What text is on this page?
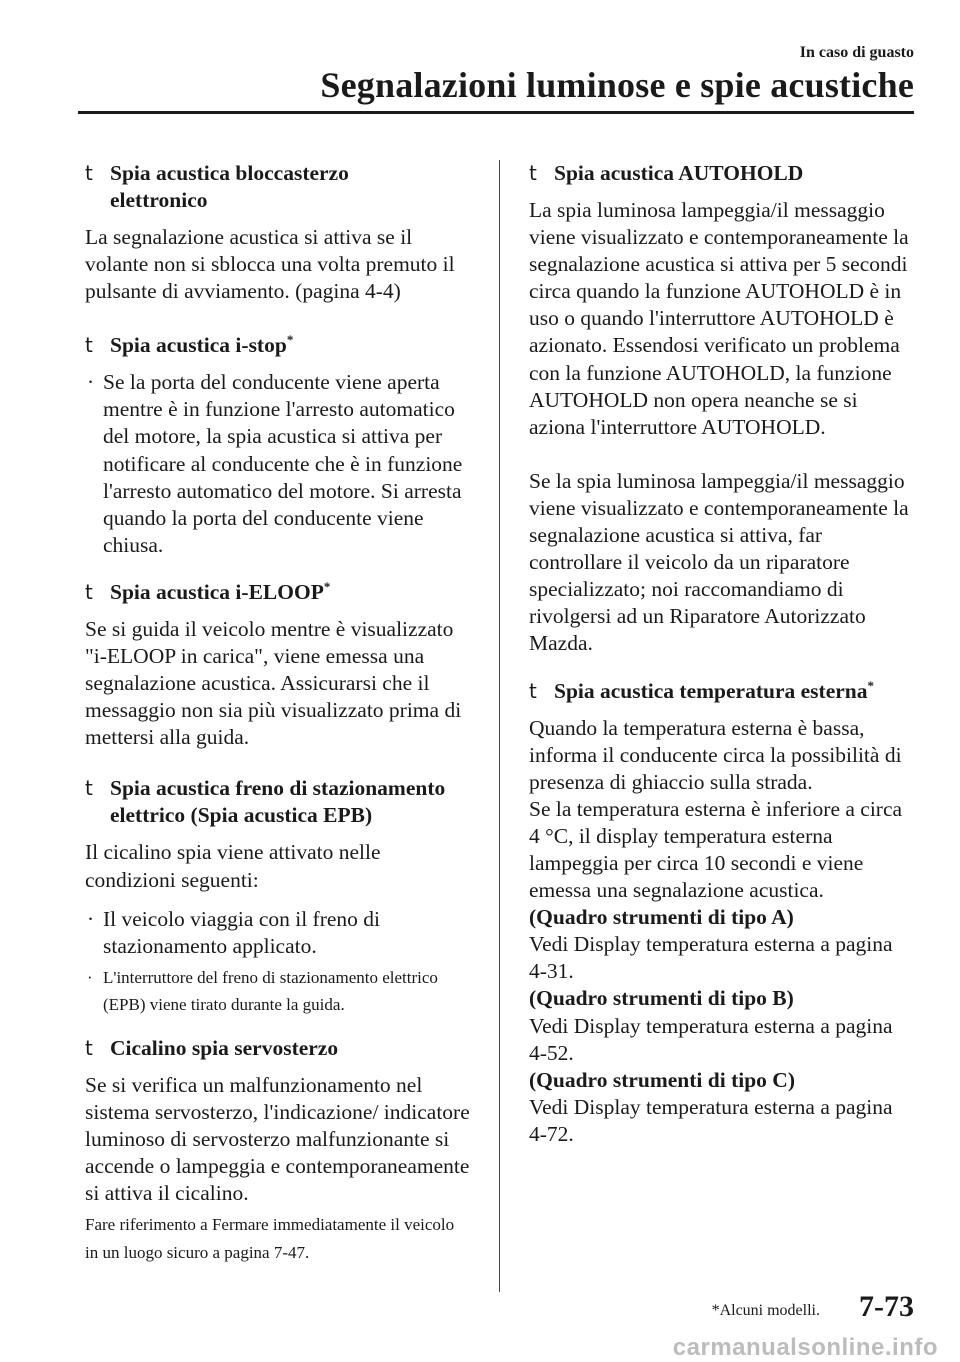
In caso di guasto
Segnalazioni luminose e spie acustiche
t Spia acustica bloccasterzo
elettronico
La segnalazione acustica si attiva se il volante non si sblocca una volta premuto il pulsante di avviamento. (pagina 4-4)
t Spia acustica i-stop*
· Se la porta del conducente viene aperta mentre è in funzione l'arresto automatico del motore, la spia acustica si attiva per notificare al conducente che è in funzione l'arresto automatico del motore. Si arresta quando la porta del conducente viene chiusa.
t Spia acustica i-ELOOP*
Se si guida il veicolo mentre è visualizzato "i-ELOOP in carica", viene emessa una segnalazione acustica. Assicurarsi che il messaggio non sia più visualizzato prima di mettersi alla guida.
t Spia acustica freno di stazionamento
elettrico (Spia acustica EPB)
Il cicalino spia viene attivato nelle condizioni seguenti:
· Il veicolo viaggia con il freno di stazionamento applicato.
· L'interruttore del freno di stazionamento elettrico (EPB) viene tirato durante la guida.
t Cicalino spia servosterzo
Se si verifica un malfunzionamento nel sistema servosterzo, l'indicazione/ indicatore luminoso di servosterzo malfunzionante si accende o lampeggia e contemporaneamente si attiva il cicalino.
Fare riferimento a Fermare immediatamente il veicolo in un luogo sicuro a pagina 7-47.
t Spia acustica AUTOHOLD
La spia luminosa lampeggia/il messaggio viene visualizzato e contemporaneamente la segnalazione acustica si attiva per 5 secondi circa quando la funzione AUTOHOLD è in uso o quando l'interruttore AUTOHOLD è azionato. Essendosi verificato un problema con la funzione AUTOHOLD, la funzione AUTOHOLD non opera neanche se si aziona l'interruttore AUTOHOLD.
Se la spia luminosa lampeggia/il messaggio viene visualizzato e contemporaneamente la segnalazione acustica si attiva, far controllare il veicolo da un riparatore specializzato; noi raccomandiamo di rivolgersi ad un Riparatore Autorizzato Mazda.
t Spia acustica temperatura esterna*
Quando la temperatura esterna è bassa, informa il conducente circa la possibilità di presenza di ghiaccio sulla strada.
Se la temperatura esterna è inferiore a circa 4 °C, il display temperatura esterna lampeggia per circa 10 secondi e viene emessa una segnalazione acustica.
(Quadro strumenti di tipo A)
Vedi Display temperatura esterna a pagina 4-31.
(Quadro strumenti di tipo B)
Vedi Display temperatura esterna a pagina 4-52.
(Quadro strumenti di tipo C)
Vedi Display temperatura esterna a pagina 4-72.
*Alcuni modelli. 7-73
carmanualsonline.info
